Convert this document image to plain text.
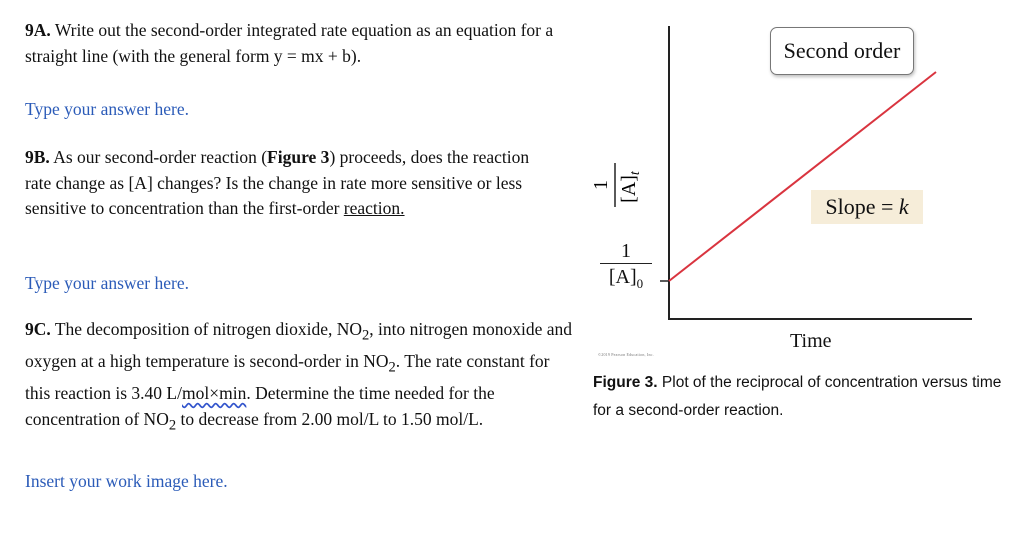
9A. Write out the second-order integrated rate equation as an equation for a straight line (with the general form y = mx + b).

Type your answer here.

9B. As our second-order reaction (Figure 3) proceeds, does the reaction rate change as [A] changes? Is the change in rate more sensitive or less sensitive to concentration than the first-order reaction.

Type your answer here.

9C. The decomposition of nitrogen dioxide, $NO_2$, into nitrogen monoxide and oxygen at a high temperature is second-order in $NO_2$. The rate constant for this reaction is 3.40 L/mol×min. Determine the time needed for the concentration of $NO_2$ to decrease from 2.00 mol/L to 1.50 mol/L.

Insert your work image here.
Second order
Slope = k
1 $[A]_t$
1
$[A]_0$
Time
©2019 Pearson Education, Inc.
Figure 3. Plot of the reciprocal of concentration versus time for a second-order reaction.
